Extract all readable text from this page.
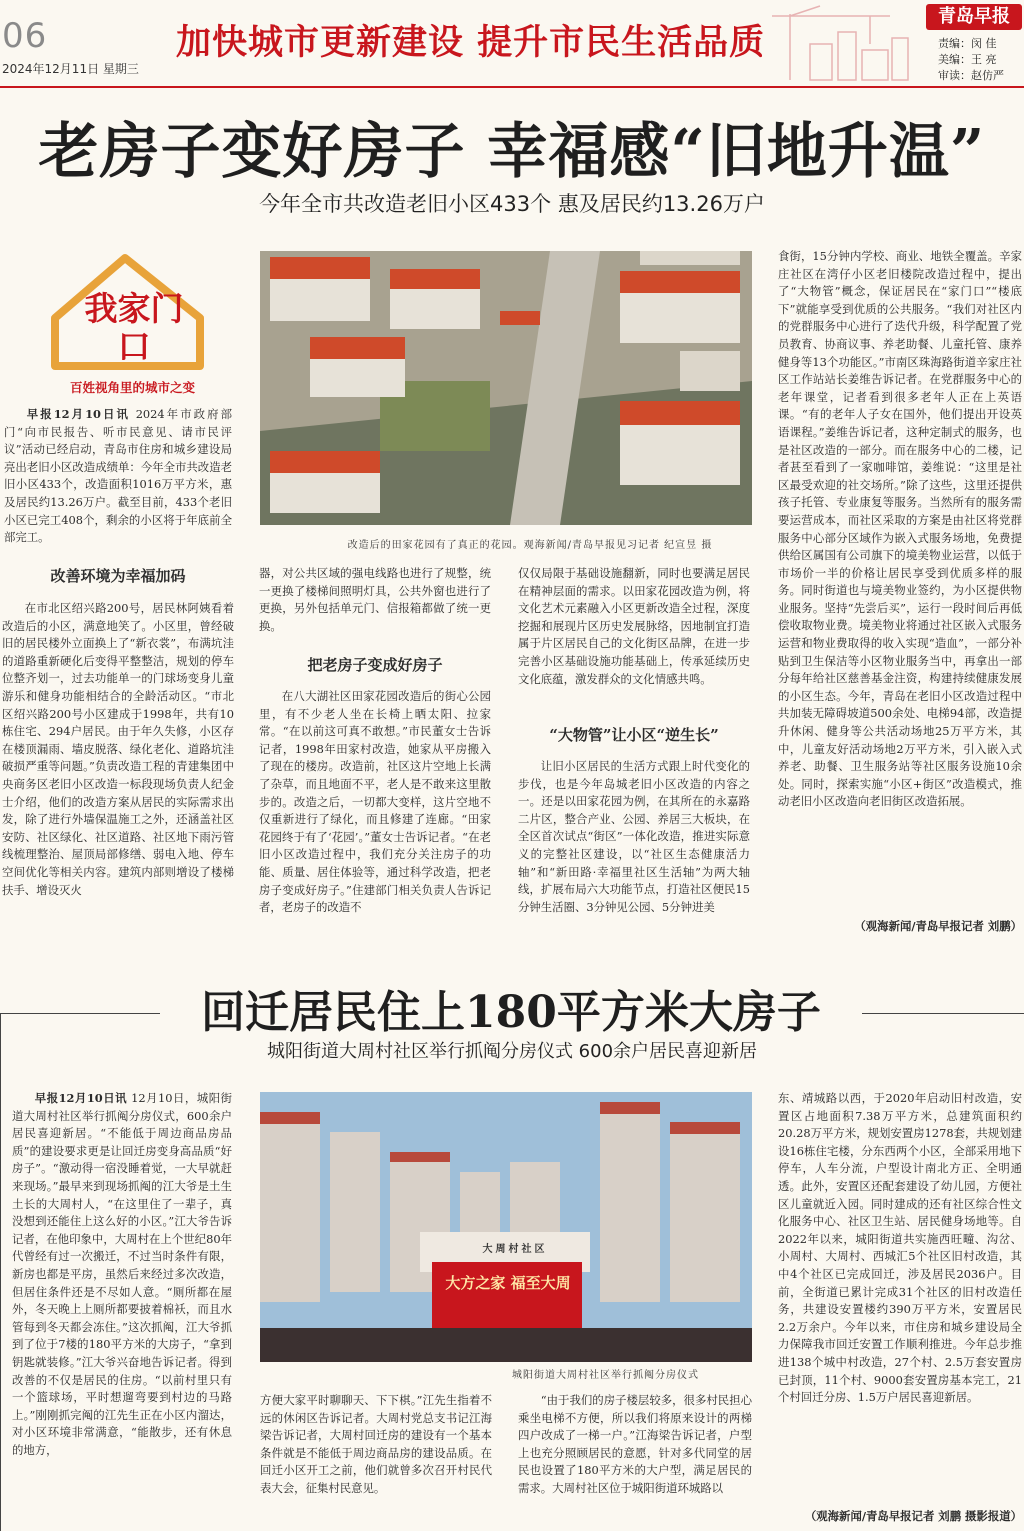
06
2024年12月11日 星期三
加快城市更新建设 提升市民生活品质
青岛早报
责编：闵 佳
美编：王 亮
审读：赵仿严
老房子变好房子 幸福感“旧地升温”
今年全市共改造老旧小区433个 惠及居民约13.26万户
我家门口
百姓视角里的城市之变

早报12月10日讯 2024年市政府部门“向市民报告、听市民意见、请市民评议”活动已经启动，青岛市住房和城乡建设局亮出老旧小区改造成绩单：今年全市共改造老旧小区433个，改造面积1016万平方米，惠及居民约13.26万户。截至目前，433个老旧小区已完工408个，剩余的小区将于年底前全部完工。

改造后的田家花园有了真正的花园。观海新闻/青岛早报见习记者 纪宣昱 摄
改善环境为幸福加码

在市北区绍兴路200号，居民林阿姨看着改造后的小区，满意地笑了。小区里，曾经破旧的居民楼外立面换上了“新衣裳”，布满坑洼的道路重新硬化后变得平整整洁，规划的停车位整齐划一，过去功能单一的门球场变身儿童游乐和健身功能相结合的全龄活动区。“市北区绍兴路200号小区建成于1998年，共有10栋住宅、294户居民。由于年久失修，小区存在楼顶漏雨、墙皮脱落、绿化老化、道路坑洼破损严重等问题。”负责改造工程的青建集团中央商务区老旧小区改造一标段现场负责人纪金士介绍，他们的改造方案从居民的实际需求出发，除了进行外墙保温施工之外，还涵盖社区安防、社区绿化、社区道路、社区地下雨污管线梳理整治、屋顶局部修缮、弱电入地、停车空间优化等相关内容。建筑内部则增设了楼梯扶手、增设灭火

器，对公共区域的强电线路也进行了规整，统一更换了楼梯间照明灯具，公共外窗也进行了更换，另外包括单元门、信报箱都做了统一更换。

把老房子变成好房子

在八大湖社区田家花园改造后的街心公园里，有不少老人坐在长椅上晒太阳、拉家常。“在以前这可真不敢想。”市民董女士告诉记者，1998年田家村改造，她家从平房搬入了现在的楼房。改造前，社区这片空地上长满了杂草，而且地面不平，老人是不敢来这里散步的。改造之后，一切都大变样，这片空地不仅重新进行了绿化，而且修建了连廊。“田家花园终于有了‘花园’。”董女士告诉记者。“在老旧小区改造过程中，我们充分关注房子的功能、质量、居住体验等，通过科学改造，把老房子变成好房子。”住建部门相关负责人告诉记者，老房子的改造不

仅仅局限于基础设施翻新，同时也要满足居民在精神层面的需求。以田家花园改造为例，将文化艺术元素融入小区更新改造全过程，深度挖掘和展现片区历史发展脉络，因地制宜打造属于片区居民自己的文化街区品牌，在进一步完善小区基础设施功能基础上，传承延续历史文化底蕴，激发群众的文化情感共鸣。

“大物管”让小区“逆生长”

让旧小区居民的生活方式跟上时代变化的步伐，也是今年岛城老旧小区改造的内容之一。还是以田家花园为例，在其所在的永嘉路二片区，整合产业、公园、养居三大板块，在全区首次试点“街区”一体化改造，推进实际意义的完整社区建设，以“社区生态健康活力轴”和“新田路·幸福里社区生活轴”为两大轴线，扩展布局六大功能节点，打造社区便民15分钟生活圈、3分钟见公园、5分钟进美

食街，15分钟内学校、商业、地铁全覆盖。辛家庄社区在湾仔小区老旧楼院改造过程中，提出了“大物管”概念，保证居民在“家门口”“楼底下”就能享受到优质的公共服务。“我们对社区内的党群服务中心进行了迭代升级，科学配置了党员教育、协商议事、养老助餐、儿童托管、康养健身等13个功能区。”市南区珠海路街道辛家庄社区工作站站长姜维告诉记者。在党群服务中心的老年课堂，记者看到很多老年人正在上英语课。“有的老年人子女在国外，他们提出开设英语课程。”姜维告诉记者，这种定制式的服务，也是社区改造的一部分。而在服务中心的二楼，记者甚至看到了一家咖啡馆，姜维说：“这里是社区最受欢迎的社交场所。”除了这些，这里还提供孩子托管、专业康复等服务。当然所有的服务需要运营成本，而社区采取的方案是由社区将党群服务中心部分区域作为嵌入式服务场地，免费提供给区属国有公司旗下的境美物业运营，以低于市场价一半的价格让居民享受到优质多样的服务。同时街道也与境美物业签约，为小区提供物业服务。坚持“先尝后买”，运行一段时间后再低偿收取物业费。境美物业将通过社区嵌入式服务运营和物业费取得的收入实现“造血”，一部分补贴到卫生保洁等小区物业服务当中，再拿出一部分每年给社区慈善基金注资，构建持续健康发展的小区生态。今年，青岛在老旧小区改造过程中共加装无障碍坡道500余处、电梯94部，改造提升休闲、健身等公共活动场地25万平方米，其中，儿童友好活动场地2万平方米，引入嵌入式养老、助餐、卫生服务站等社区服务设施10余处。同时，探索实施“小区+街区”改造模式，推动老旧小区改造向老旧街区改造拓展。

（观海新闻/青岛早报记者 刘鹏）
回迁居民住上180平方米大房子
城阳街道大周村社区举行抓阄分房仪式 600余户居民喜迎新居

早报12月10日讯 12月10日，城阳街道大周村社区举行抓阄分房仪式，600余户居民喜迎新居。“不能低于周边商品房品质”的建设要求更是让回迁房变身高品质“好房子”。“激动得一宿没睡着觉，一大早就赶来现场。”最早来到现场抓阄的江大爷是土生土长的大周村人，“在这里住了一辈子，真没想到还能住上这么好的小区。”江大爷告诉记者，在他印象中，大周村在上个世纪80年代曾经有过一次搬迁，不过当时条件有限，新房也都是平房，虽然后来经过多次改造，但居住条件还是不尽如人意。“厕所都在屋外，冬天晚上上厕所都要披着棉袄，而且水管每到冬天都会冻住。”这次抓阄，江大爷抓到了位于7楼的180平方米的大房子，“拿到钥匙就装修。”江大爷兴奋地告诉记者。得到改善的不仅是居民的住房。“以前村里只有一个篮球场，平时想遛弯要到村边的马路上。”刚刚抓完阄的江先生正在小区内溜达，对小区环境非常满意，“能散步，还有休息的地方，

大周村社区
大方之家 福至大周
城阳街道大周村社区举行抓阄分房仪式

方便大家平时聊聊天、下下棋。”江先生指着不远的休闲区告诉记者。大周村党总支书记江海梁告诉记者，大周村回迁房的建设有一个基本条件就是不能低于周边商品房的建设品质。在回迁小区开工之前，他们就曾多次召开村民代表大会，征集村民意见。

“由于我们的房子楼层较多，很多村民担心乘坐电梯不方便，所以我们将原来设计的两梯四户改成了一梯一户。”江海梁告诉记者，户型上也充分照顾居民的意愿，针对多代同堂的居民也设置了180平方米的大户型，满足居民的需求。大周村社区位于城阳街道环城路以

东、靖城路以西，于2020年启动旧村改造，安置区占地面积7.38万平方米，总建筑面积约20.28万平方米，规划安置房1278套，共规划建设16栋住宅楼，分东西两个小区，全部采用地下停车，人车分流，户型设计南北方正、全明通透。此外，安置区还配套建设了幼儿园，方便社区儿童就近入园。同时建成的还有社区综合性文化服务中心、社区卫生站、居民健身场地等。自2022年以来，城阳街道共实施西旺疃、沟岔、小周村、大周村、西城汇5个社区旧村改造，其中4个社区已完成回迁，涉及居民2036户。目前，全街道已累计完成31个社区的旧村改造任务，共建设安置楼约390万平方米，安置居民2.2万余户。今年以来，市住房和城乡建设局全力保障我市回迁安置工作顺利推进。今年总步推进138个城中村改造，27个村、2.5万套安置房已封顶，11个村、9000套安置房基本完工，21个村回迁分房、1.5万户居民喜迎新居。

（观海新闻/青岛早报记者 刘鹏 摄影报道）
